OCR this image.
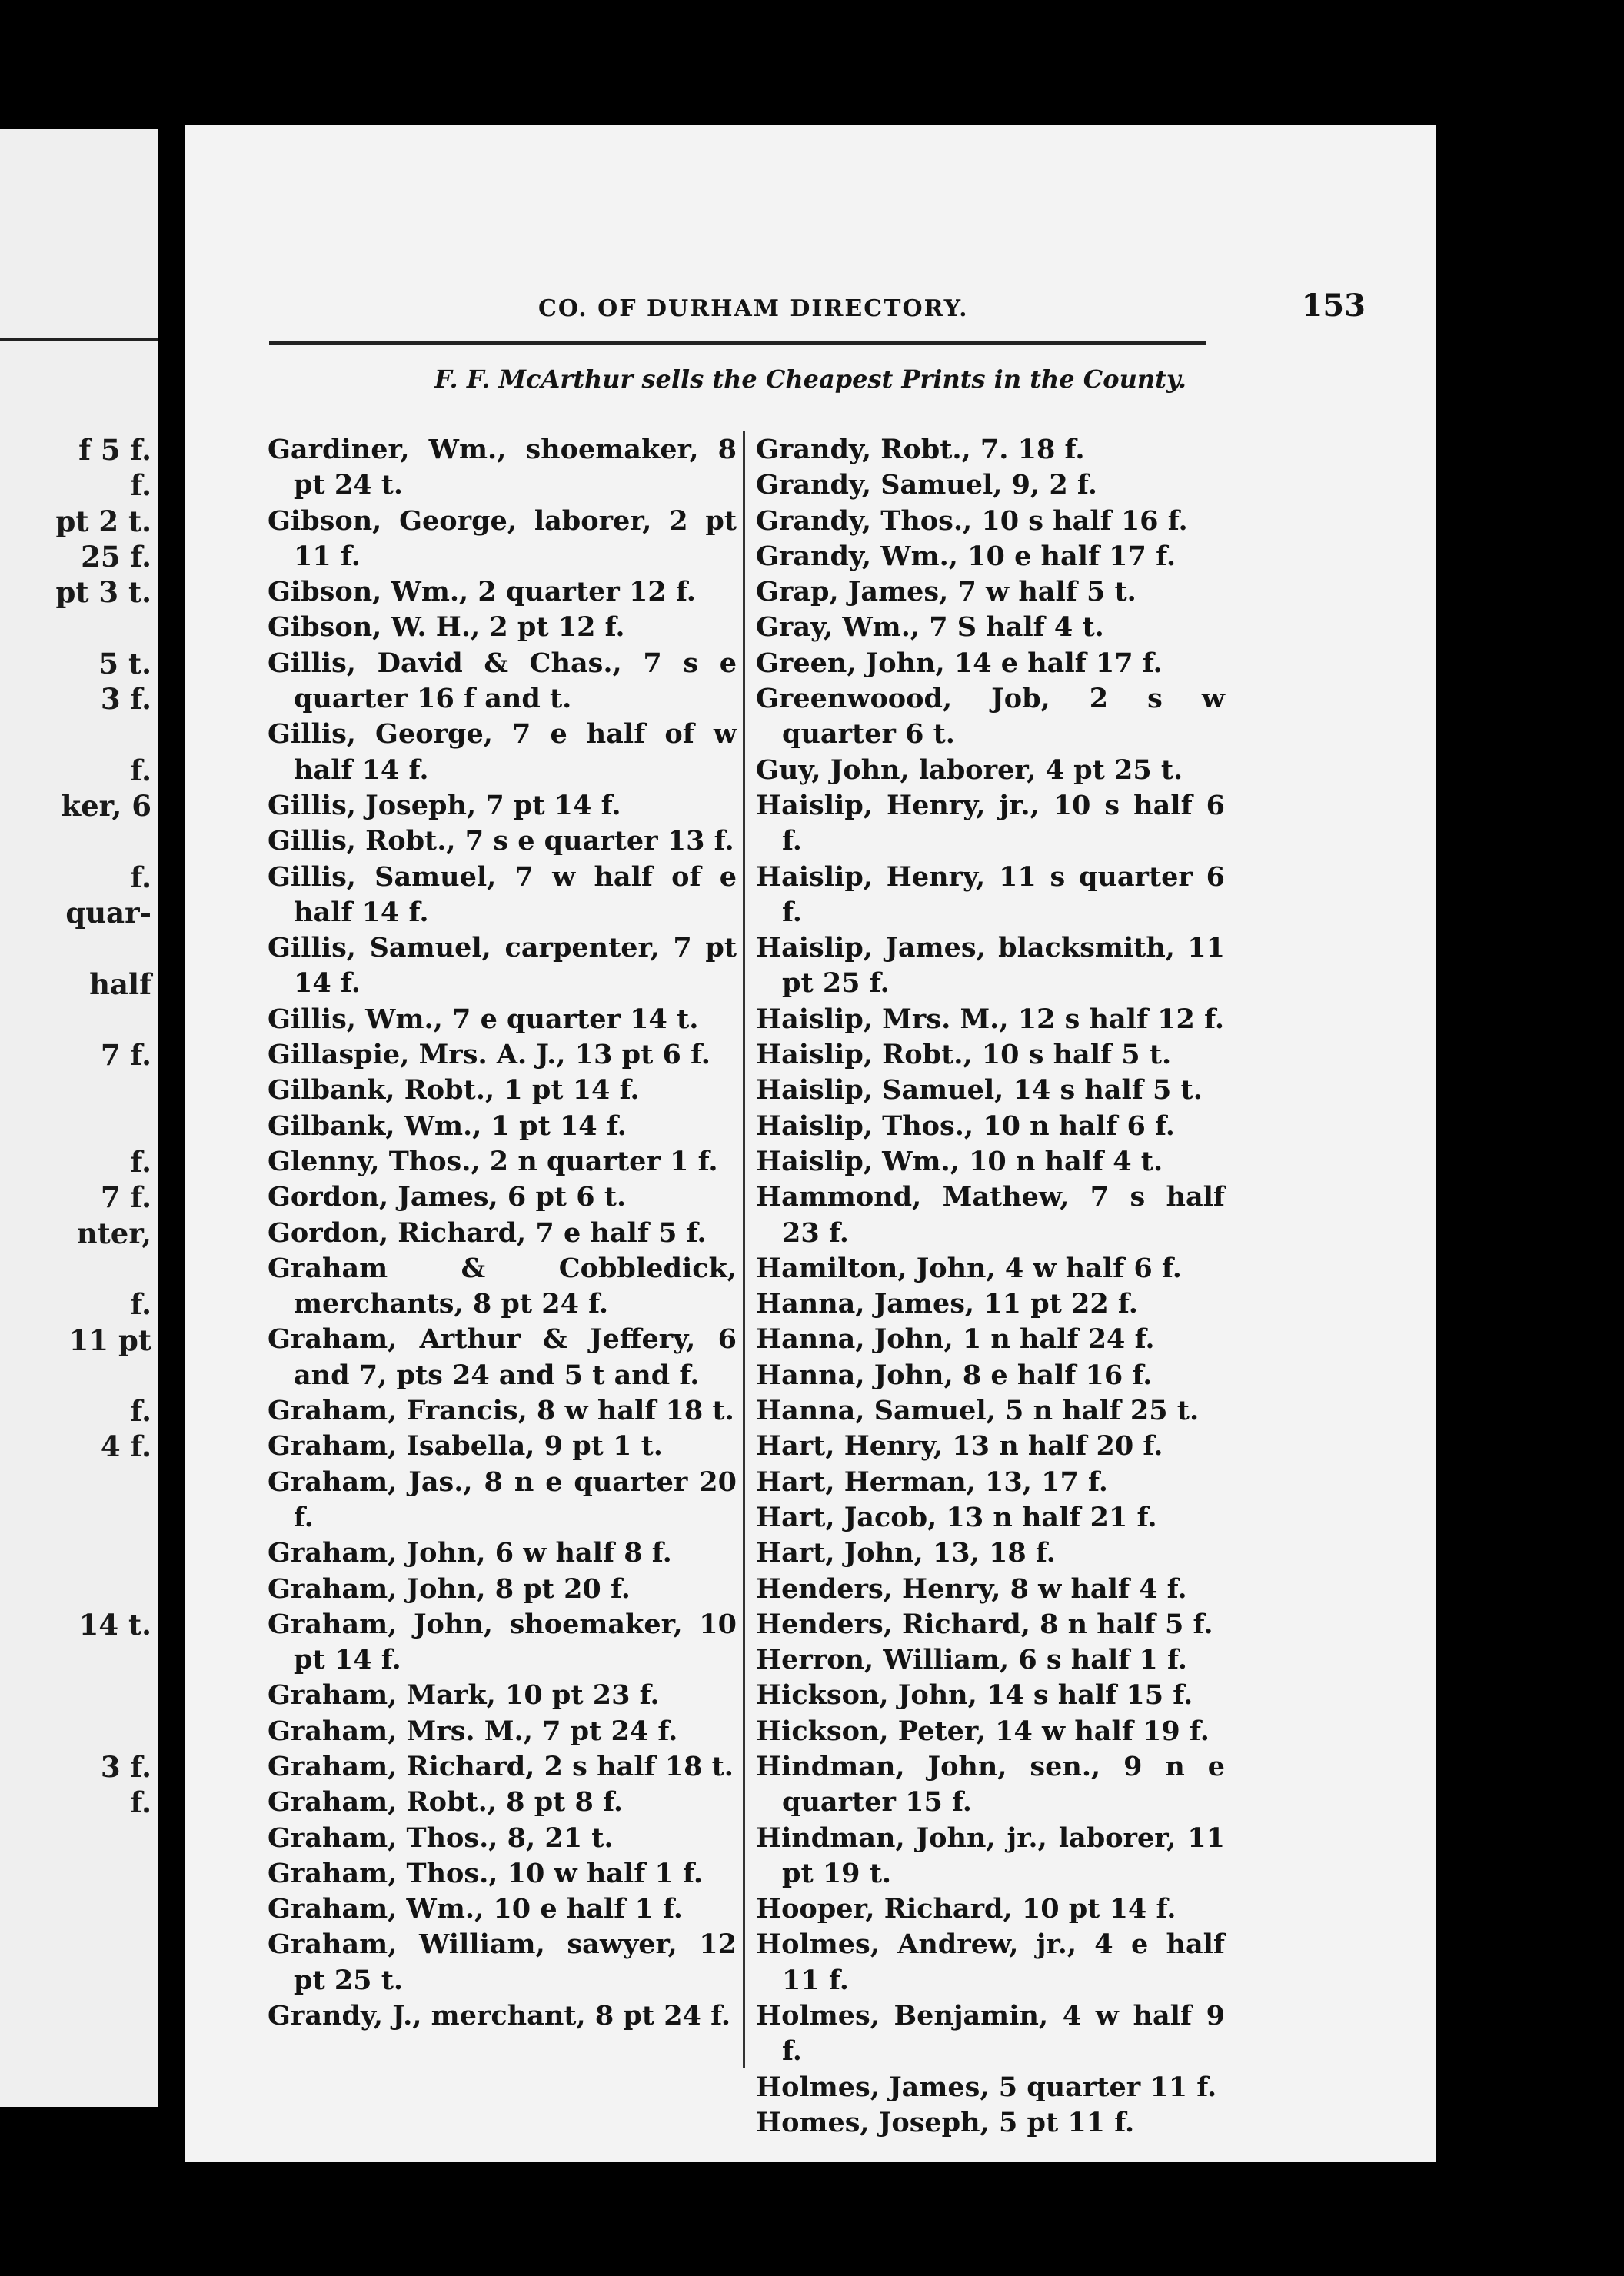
f 5 f.
f.
pt 2 t.
25 f.
pt 3 t.
5 t.
3 f.
f.
ker, 6
f.
quar-
half
7 f.
f.
7 f.
nter,
f.
11 pt
f.
4 f.
14 t.
3 f.
f.
CO. OF DURHAM DIRECTORY.	153
F. F. McArthur sells the Cheapest Prints in the County.
Gardiner, Wm., shoemaker, 8 pt 24 t.
Gibson, George, laborer, 2 pt 11 f.
Gibson, Wm., 2 quarter 12 f.
Gibson, W. H., 2 pt 12 f.
Gillis, David & Chas., 7 s e quarter 16 f and t.
Gillis, George, 7 e half of w half 14 f.
Gillis, Joseph, 7 pt 14 f.
Gillis, Robt., 7 s e quarter 13 f.
Gillis, Samuel, 7 w half of e half 14 f.
Gillis, Samuel, carpenter, 7 pt 14 f.
Gillis, Wm., 7 e quarter 14 t.
Gillaspie, Mrs. A. J., 13 pt 6 f.
Gilbank, Robt., 1 pt 14 f.
Gilbank, Wm., 1 pt 14 f.
Glenny, Thos., 2 n quarter 1 f.
Gordon, James, 6 pt 6 t.
Gordon, Richard, 7 e half 5 f.
Graham & Cobbledick, merchants, 8 pt 24 f.
Graham, Arthur & Jeffery, 6 and 7, pts 24 and 5 t and f.
Graham, Francis, 8 w half 18 t.
Graham, Isabella, 9 pt 1 t.
Graham, Jas., 8 n e quarter 20 f.
Graham, John, 6 w half 8 f.
Graham, John, 8 pt 20 f.
Graham, John, shoemaker, 10 pt 14 f.
Graham, Mark, 10 pt 23 f.
Graham, Mrs. M., 7 pt 24 f.
Graham, Richard, 2 s half 18 t.
Graham, Robt., 8 pt 8 f.
Graham, Thos., 8, 21 t.
Graham, Thos., 10 w half 1 f.
Graham, Wm., 10 e half 1 f.
Graham, William, sawyer, 12 pt 25 t.
Grandy, J., merchant, 8 pt 24 f.
Grandy, Robt., 7. 18 f.
Grandy, Samuel, 9, 2 f.
Grandy, Thos., 10 s half 16 f.
Grandy, Wm., 10 e half 17 f.
Grap, James, 7 w half 5 t.
Gray, Wm., 7 S half 4 t.
Green, John, 14 e half 17 f.
Greenwoood, Job, 2 s w quarter 6 t.
Guy, John, laborer, 4 pt 25 t.
Haislip, Henry, jr., 10 s half 6 f.
Haislip, Henry, 11 s quarter 6 f.
Haislip, James, blacksmith, 11 pt 25 f.
Haislip, Mrs. M., 12 s half 12 f.
Haislip, Robt., 10 s half 5 t.
Haislip, Samuel, 14 s half 5 t.
Haislip, Thos., 10 n half 6 f.
Haislip, Wm., 10 n half 4 t.
Hammond, Mathew, 7 s half 23 f.
Hamilton, John, 4 w half 6 f.
Hanna, James, 11 pt 22 f.
Hanna, John, 1 n half 24 f.
Hanna, John, 8 e half 16 f.
Hanna, Samuel, 5 n half 25 t.
Hart, Henry, 13 n half 20 f.
Hart, Herman, 13, 17 f.
Hart, Jacob, 13 n half 21 f.
Hart, John, 13, 18 f.
Henders, Henry, 8 w half 4 f.
Henders, Richard, 8 n half 5 f.
Herron, William, 6 s half 1 f.
Hickson, John, 14 s half 15 f.
Hickson, Peter, 14 w half 19 f.
Hindman, John, sen., 9 n e quarter 15 f.
Hindman, John, jr., laborer, 11 pt 19 t.
Hooper, Richard, 10 pt 14 f.
Holmes, Andrew, jr., 4 e half 11 f.
Holmes, Benjamin, 4 w half 9 f.
Holmes, James, 5 quarter 11 f.
Homes, Joseph, 5 pt 11 f.
